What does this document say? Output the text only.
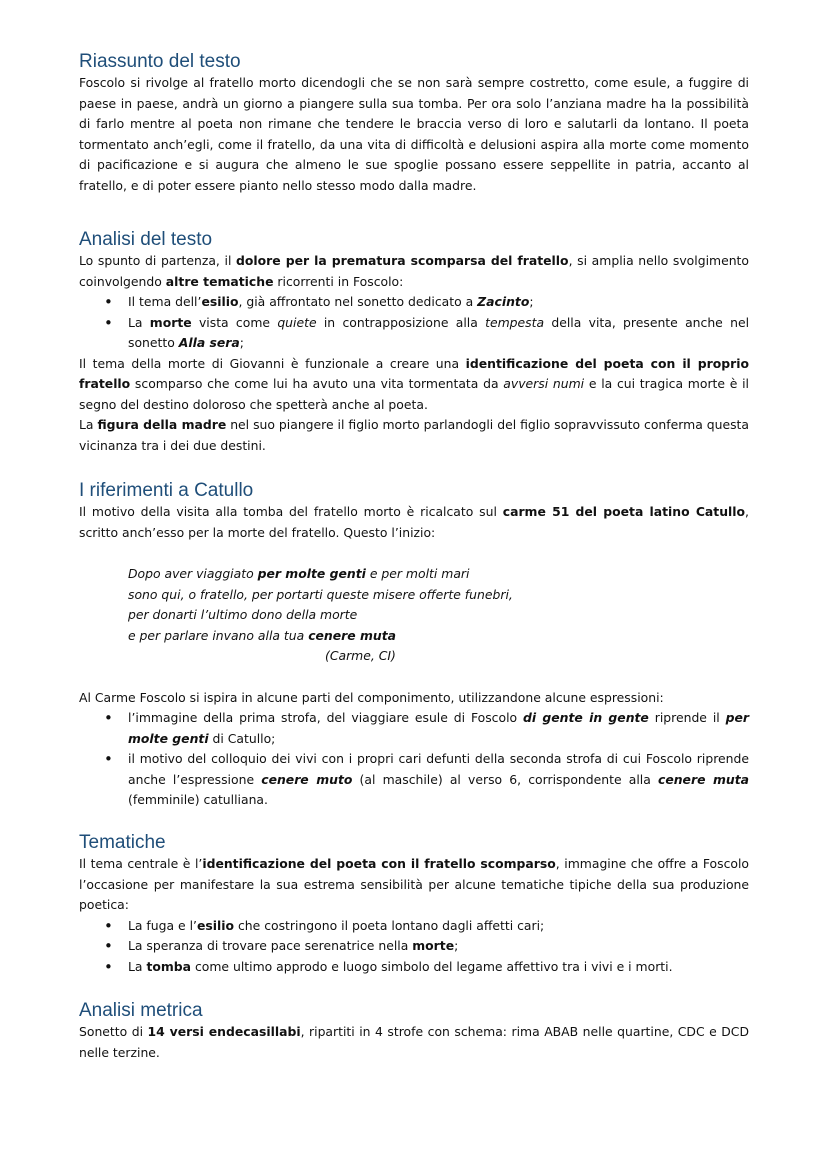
Riassunto del testo

Foscolo si rivolge al fratello morto dicendogli che se non sarà sempre costretto, come esule, a fuggire di paese in paese, andrà un giorno a piangere sulla sua tomba. Per ora solo l’anziana madre ha la possibilità di farlo mentre al poeta non rimane che tendere le braccia verso di loro e salutarli da lontano. Il poeta tormentato anch’egli, come il fratello, da una vita di difficoltà e delusioni aspira alla morte come momento di pacificazione e si augura che almeno le sue spoglie possano essere seppellite in patria, accanto al fratello, e di poter essere pianto nello stesso modo dalla madre.

Analisi del testo

Lo spunto di partenza, il dolore per la prematura scomparsa del fratello, si amplia nello svolgimento coinvolgendo altre tematiche ricorrenti in Foscolo:

• Il tema dell’esilio, già affrontato nel sonetto dedicato a Zacinto;
• La morte vista come quiete in contrapposizione alla tempesta della vita, presente anche nel sonetto Alla sera;

Il tema della morte di Giovanni è funzionale a creare una identificazione del poeta con il proprio fratello scomparso che come lui ha avuto una vita tormentata da avversi numi e la cui tragica morte è il segno del destino doloroso che spetterà anche al poeta.

La figura della madre nel suo piangere il figlio morto parlandogli del figlio sopravvissuto conferma questa vicinanza tra i dei due destini.

I riferimenti a Catullo

Il motivo della visita alla tomba del fratello morto è ricalcato sul carme 51 del poeta latino Catullo, scritto anch’esso per la morte del fratello. Questo l’inizio:

Dopo aver viaggiato per molte genti e per molti mari
sono qui, o fratello, per portarti queste misere offerte funebri,
per donarti l’ultimo dono della morte
e per parlare invano alla tua cenere muta
(Carme, CI)

Al Carme Foscolo si ispira in alcune parti del componimento, utilizzandone alcune espressioni:

• l’immagine della prima strofa, del viaggiare esule di Foscolo di gente in gente riprende il per molte genti di Catullo;
• il motivo del colloquio dei vivi con i propri cari defunti della seconda strofa di cui Foscolo riprende anche l’espressione cenere muto (al maschile) al verso 6, corrispondente alla cenere muta (femminile) catulliana.
Tematiche

Il tema centrale è l’identificazione del poeta con il fratello scomparso, immagine che offre a Foscolo l’occasione per manifestare la sua estrema sensibilità per alcune tematiche tipiche della sua produzione poetica:

• La fuga e l’esilio che costringono il poeta lontano dagli affetti cari;
• La speranza di trovare pace serenatrice nella morte;
• La tomba come ultimo approdo e luogo simbolo del legame affettivo tra i vivi e i morti.
Analisi metrica

Sonetto di 14 versi endecasillabi, ripartiti in 4 strofe con schema: rima ABAB nelle quartine, CDC e DCD nelle terzine.
